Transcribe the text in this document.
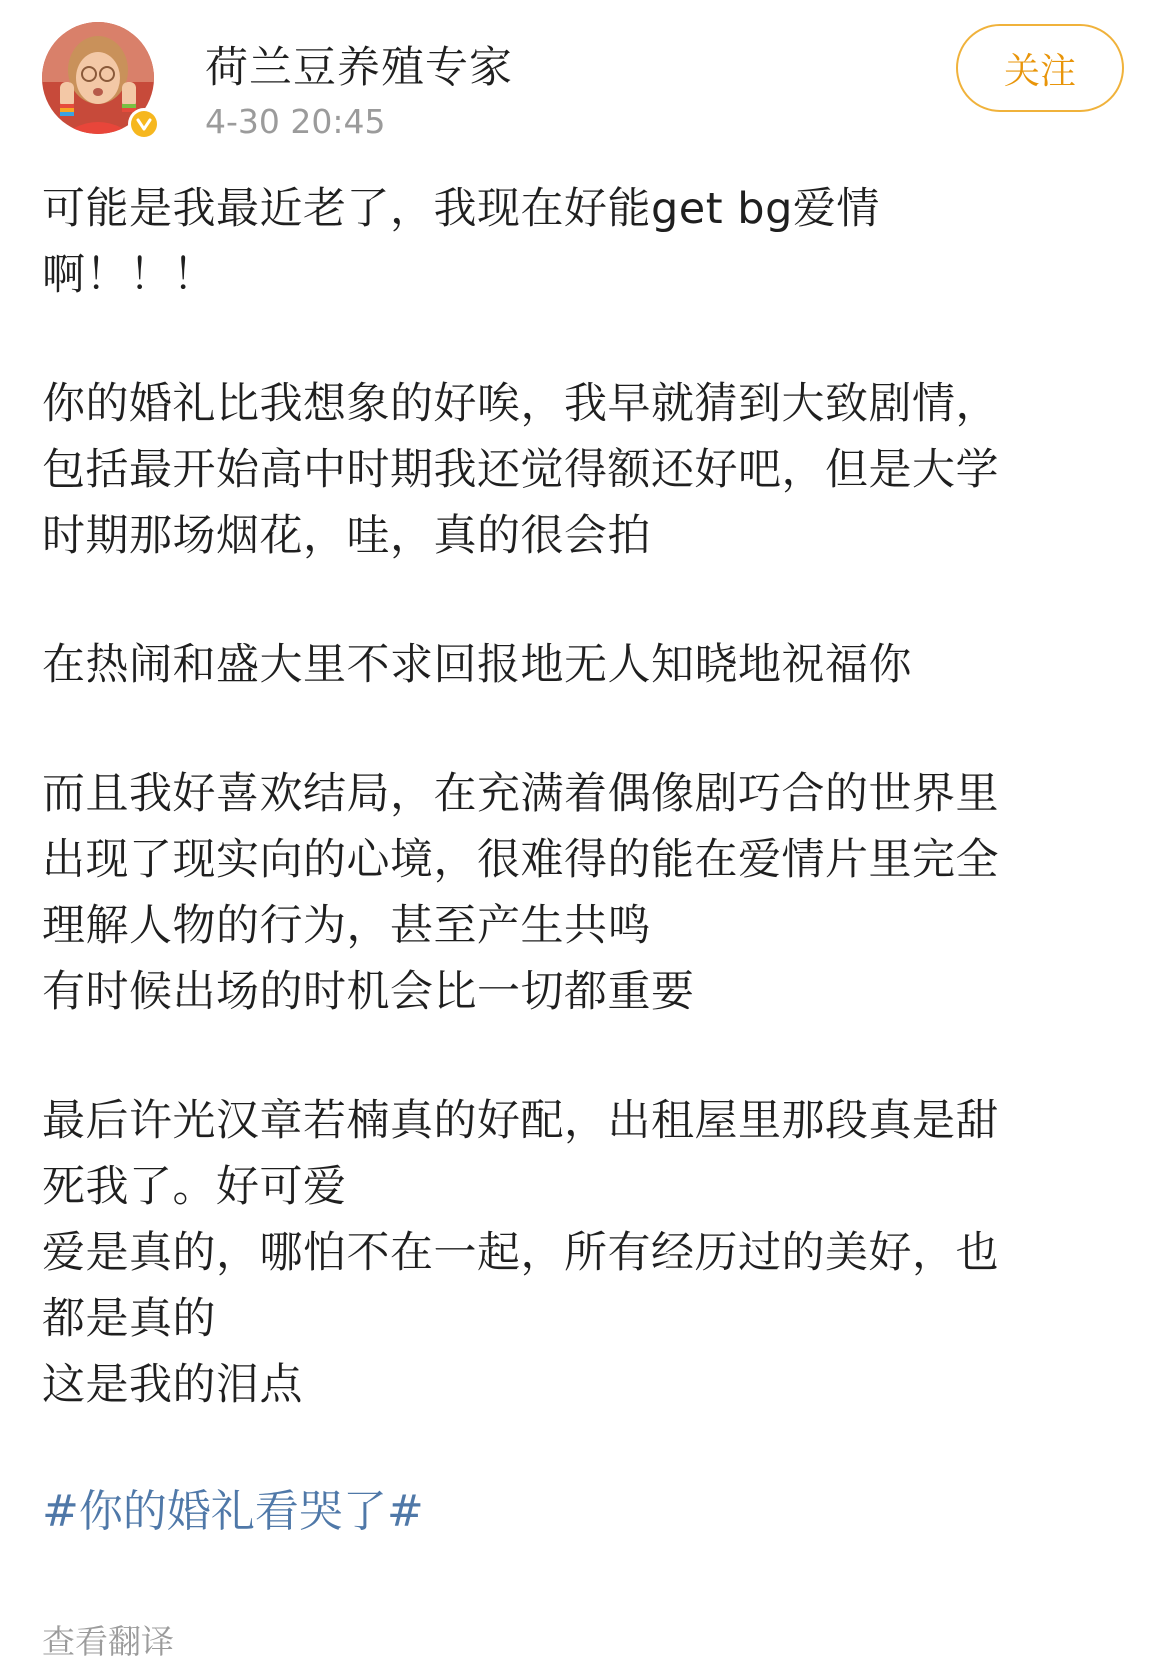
荷兰豆养殖专家
4-30 20:45
关注
可能是我最近老了，我现在好能get bg爱情
啊！！！
你的婚礼比我想象的好唉，我早就猜到大致剧情，
包括最开始高中时期我还觉得额还好吧，但是大学
时期那场烟花，哇，真的很会拍
在热闹和盛大里不求回报地无人知晓地祝福你
而且我好喜欢结局，在充满着偶像剧巧合的世界里
出现了现实向的心境，很难得的能在爱情片里完全
理解人物的行为，甚至产生共鸣
有时候出场的时机会比一切都重要
最后许光汉章若楠真的好配，出租屋里那段真是甜
死我了。好可爱
爱是真的，哪怕不在一起，所有经历过的美好，也
都是真的
这是我的泪点
#你的婚礼看哭了#
查看翻译
